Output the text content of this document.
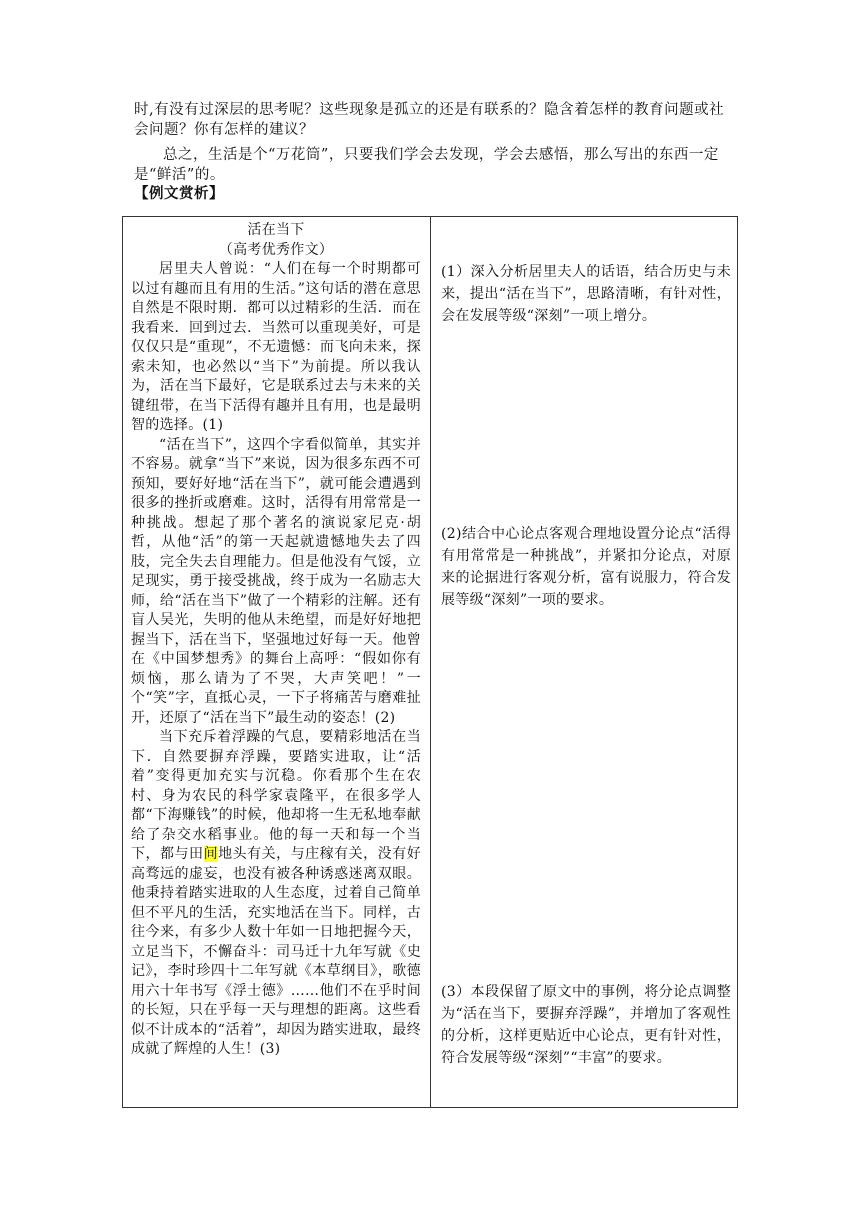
时,有没有过深层的思考呢？这些现象是孤立的还是有联系的？隐含着怎样的教育问题或社会问题？你有怎样的建议？
总之，生活是个“万花筒”，只要我们学会去发现，学会去感悟，那么写出的东西一定是“鲜活”的。
【例文赏析】

活在当下

（高考优秀作文）

居里夫人曾说：“人们在每一个时期都可以过有趣而且有用的生活。”这句话的潜在意思自然是不限时期．都可以过精彩的生活．而在我看来．回到过去．当然可以重现美好，可是仅仅只是“重现”，不无遗憾：而飞向未来，探索未知，也必然以“当下”为前提。所以我认为，活在当下最好，它是联系过去与未来的关键纽带，在当下活得有趣并且有用，也是最明智的选择。(1)

“活在当下”，这四个字看似简单，其实并不容易。就拿“当下”来说，因为很多东西不可预知，要好好地“活在当下”，就可能会遭遇到很多的挫折或磨难。这时，活得有用常常是一种挑战。想起了那个著名的演说家尼克·胡哲，从他“活”的第一天起就遗憾地失去了四肢，完全失去自理能力。但是他没有气馁，立足现实，勇于接受挑战，终于成为一名励志大师，给“活在当下”做了一个精彩的注解。还有盲人吴光，失明的他从未绝望，而是好好地把握当下，活在当下，坚强地过好每一天。他曾在《中国梦想秀》的舞台上高呼：“假如你有烦恼，那么请为了不哭，大声笑吧！”一个“笑”字，直抵心灵，一下子将痛苦与磨难扯开，还原了“活在当下”最生动的姿态！(2)

当下充斥着浮躁的气息，要精彩地活在当下．自然要摒弃浮躁，要踏实进取，让“活着”变得更加充实与沉稳。你看那个生在农村、身为农民的科学家袁隆平，在很多学人都“下海赚钱”的时候，他却将一生无私地奉献给了杂交水稻事业。他的每一天和每一个当下，都与田间地头有关，与庄稼有关，没有好高骛远的虚妄，也没有被各种诱惑迷离双眼。他秉持着踏实进取的人生态度，过着自己简单但不平凡的生活，充实地活在当下。同样，古往今来，有多少人数十年如一日地把握今天，立足当下，不懈奋斗：司马迁十九年写就《史记》，李时珍四十二年写就《本草纲目》，歌德用六十年书写《浮士德》……他们不在乎时间的长短，只在乎每一天与理想的距离。这些看似不计成本的“活着”，却因为踏实进取，最终成就了辉煌的人生！(3)

(1）深入分析居里夫人的话语，结合历史与未来，提出“活在当下”，思路清晰，有针对性，会在发展等级“深刻”一项上增分。
(2)结合中心论点客观合理地设置分论点“活得有用常常是一种挑战”，并紧扣分论点，对原来的论据进行客观分析，富有说服力，符合发展等级“深刻”一项的要求。
(3）本段保留了原文中的事例，将分论点调整为“活在当下，要摒弃浮躁”，并增加了客观性的分析，这样更贴近中心论点，更有针对性，符合发展等级“深刻”“丰富”的要求。
